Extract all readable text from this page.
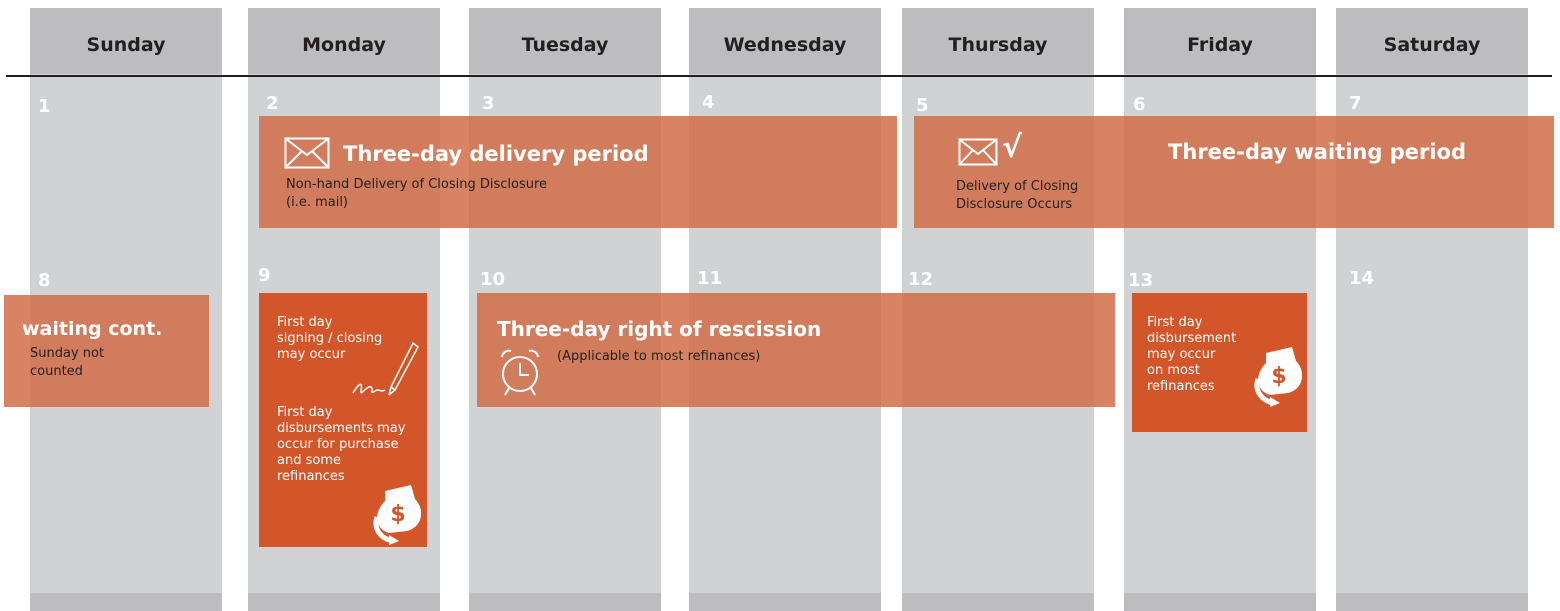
Sunday	Monday	Tuesday	Wednesday	Thursday	Friday	Saturday
1	2	3	4	5	6	7
8	9	10	11	12	13	14
Three-day delivery period
Non-hand Delivery of Closing Disclosure
(i.e. mail)
√	Three-day waiting period
Delivery of Closing
Disclosure Occurs
waiting cont.
Sunday not
counted
First day
signing / closing
may occur
First day
disbursements may
occur for purchase
and some
refinances
$
Three-day right of rescission
(Applicable to most refinances)
First day
disbursement
may occur
on most
refinances	$
